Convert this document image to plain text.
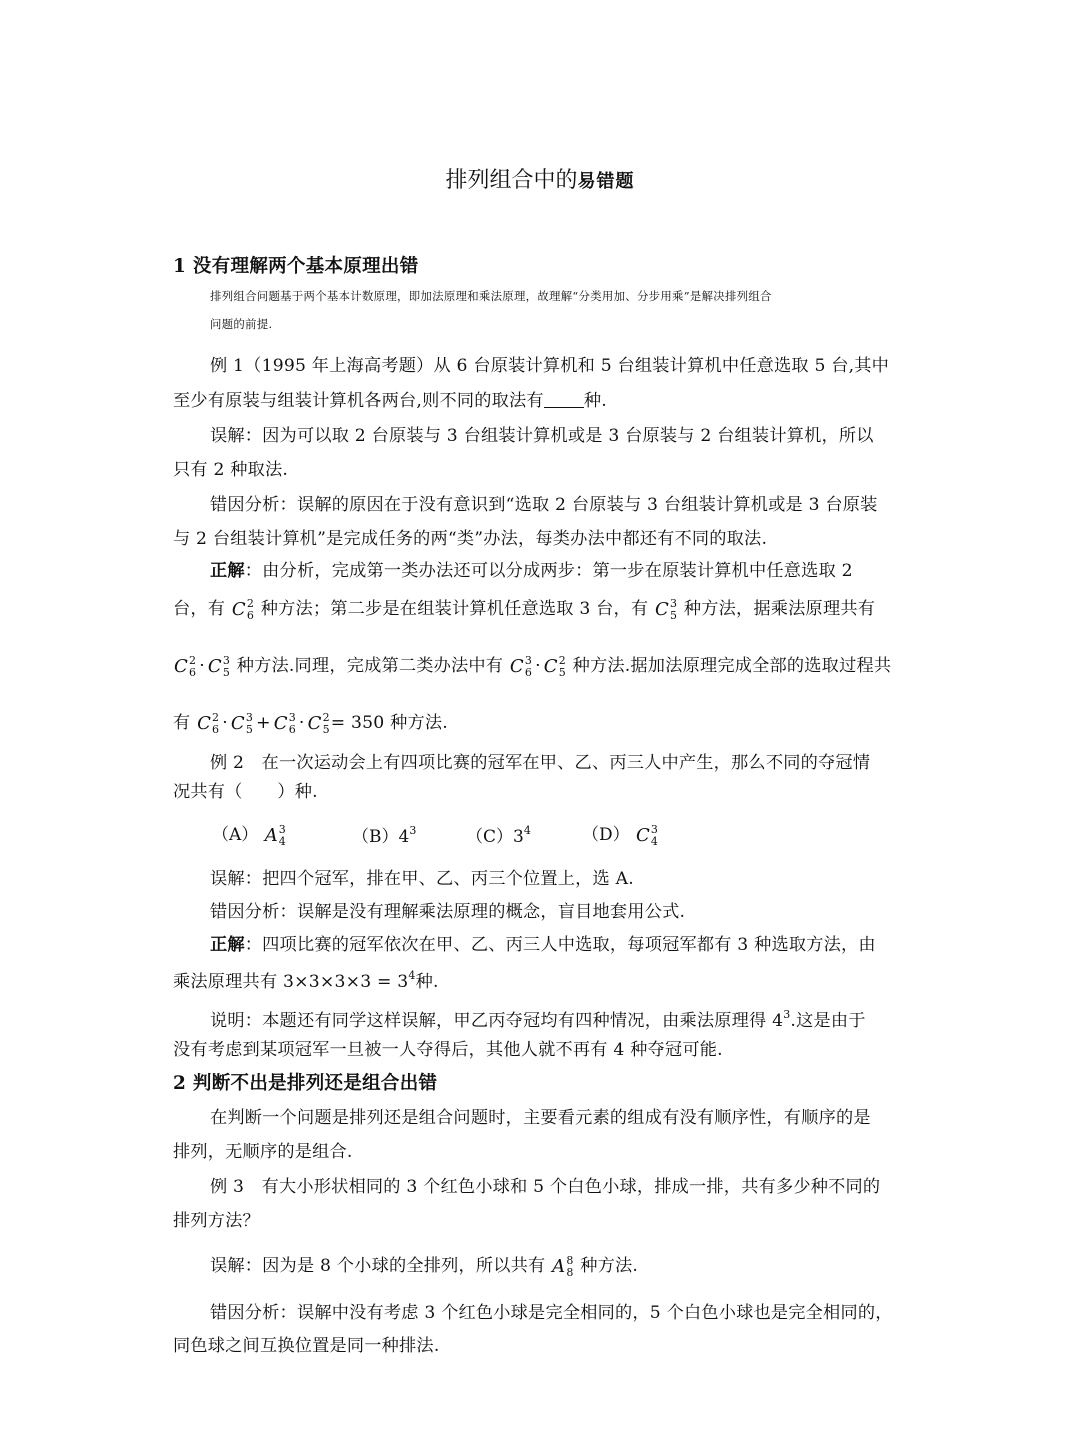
排列组合中的易错题
1 没有理解两个基本原理出错
排列组合问题基于两个基本计数原理，即加法原理和乘法原理，故理解“分类用加、分步用乘”是解决排列组合
问题的前提.
例 1（1995 年上海高考题）从 6 台原装计算机和 5 台组装计算机中任意选取 5 台,其中
至少有原装与组装计算机各两台,则不同的取法有 种.
误解：因为可以取 2 台原装与 3 台组装计算机或是 3 台原装与 2 台组装计算机，所以
只有 2 种取法.
错因分析：误解的原因在于没有意识到“选取 2 台原装与 3 台组装计算机或是 3 台原装
与 2 台组装计算机”是完成任务的两“类”办法，每类办法中都还有不同的取法.
正解：由分析，完成第一类办法还可以分成两步：第一步在原装计算机中任意选取 2
台，有 C 2
6 种方法；第二步是在组装计算机任意选取 3 台，有 C 3
5 种方法，据乘法原理共有
C 2
6 · C 3
5 种方法.同理，完成第二类办法中有 C 3
6 · C 2
5 种方法.据加法原理完成全部的选取过程共
有 C 2
6 · C 3
5 + C 3
6 · C 2
5 = 350 种方法.
例 2　在一次运动会上有四项比赛的冠军在甲、乙、丙三人中产生，那么不同的夺冠情
况共有（　　）种.
（A） A 3
4	$(B)4^3$	$(C)3^4$	（D） C 3
4
误解：把四个冠军，排在甲、乙、丙三个位置上，选 A.
错因分析：误解是没有理解乘法原理的概念，盲目地套用公式.
正解：四项比赛的冠军依次在甲、乙、丙三人中选取，每项冠军都有 3 种选取方法，由
乘法原理共有 $3\times 3\times 3\times 3 = 3^4$种.
说明：本题还有同学这样误解，甲乙丙夺冠均有四种情况，由乘法原理得 $4^3$.这是由于
没有考虑到某项冠军一旦被一人夺得后，其他人就不再有 4 种夺冠可能.
2 判断不出是排列还是组合出错
在判断一个问题是排列还是组合问题时，主要看元素的组成有没有顺序性，有顺序的是
排列，无顺序的是组合.
例 3　有大小形状相同的 3 个红色小球和 5 个白色小球，排成一排，共有多少种不同的
排列方法？
误解：因为是 8 个小球的全排列，所以共有 A 8
8 种方法.
错因分析：误解中没有考虑 3 个红色小球是完全相同的，5 个白色小球也是完全相同的，
同色球之间互换位置是同一种排法.
